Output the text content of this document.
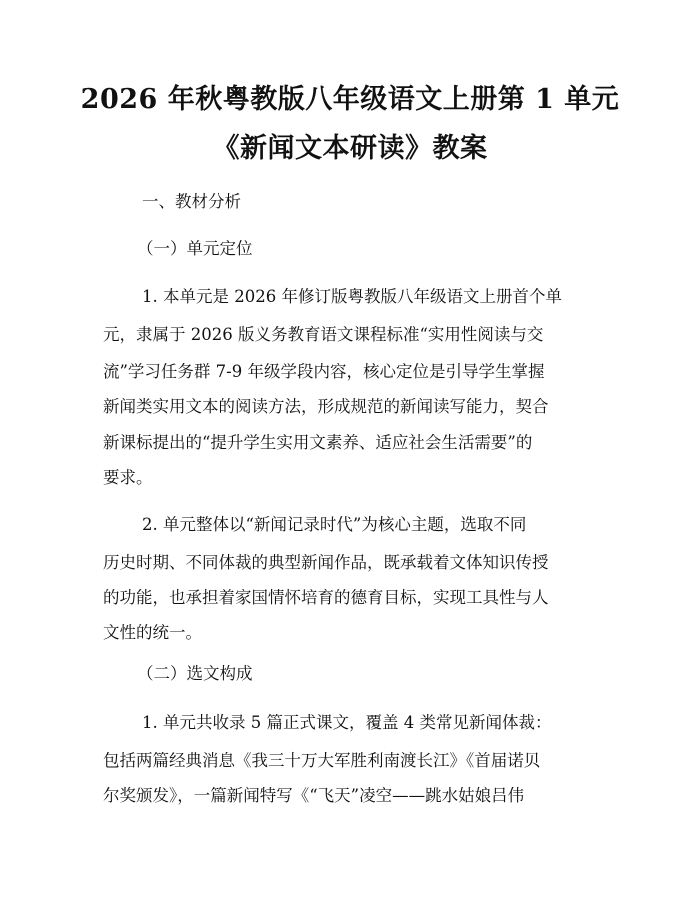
2026 年秋粤教版八年级语文上册第 1 单元
《新闻文本研读》教案
一、教材分析
（一）单元定位
1. 本单元是 2026 年修订版粤教版八年级语文上册首个单
元，隶属于 2026 版义务教育语文课程标准“实用性阅读与交
流”学习任务群 7-9 年级学段内容，核心定位是引导学生掌握
新闻类实用文本的阅读方法，形成规范的新闻读写能力，契合
新课标提出的“提升学生实用文素养、适应社会生活需要”的
要求。
2. 单元整体以“新闻记录时代”为核心主题，选取不同
历史时期、不同体裁的典型新闻作品，既承载着文体知识传授
的功能，也承担着家国情怀培育的德育目标，实现工具性与人
文性的统一。
（二）选文构成
1. 单元共收录 5 篇正式课文，覆盖 4 类常见新闻体裁：
包括两篇经典消息《我三十万大军胜利南渡长江》《首届诺贝
尔奖颁发》，一篇新闻特写《“飞天”凌空——跳水姑娘吕伟
